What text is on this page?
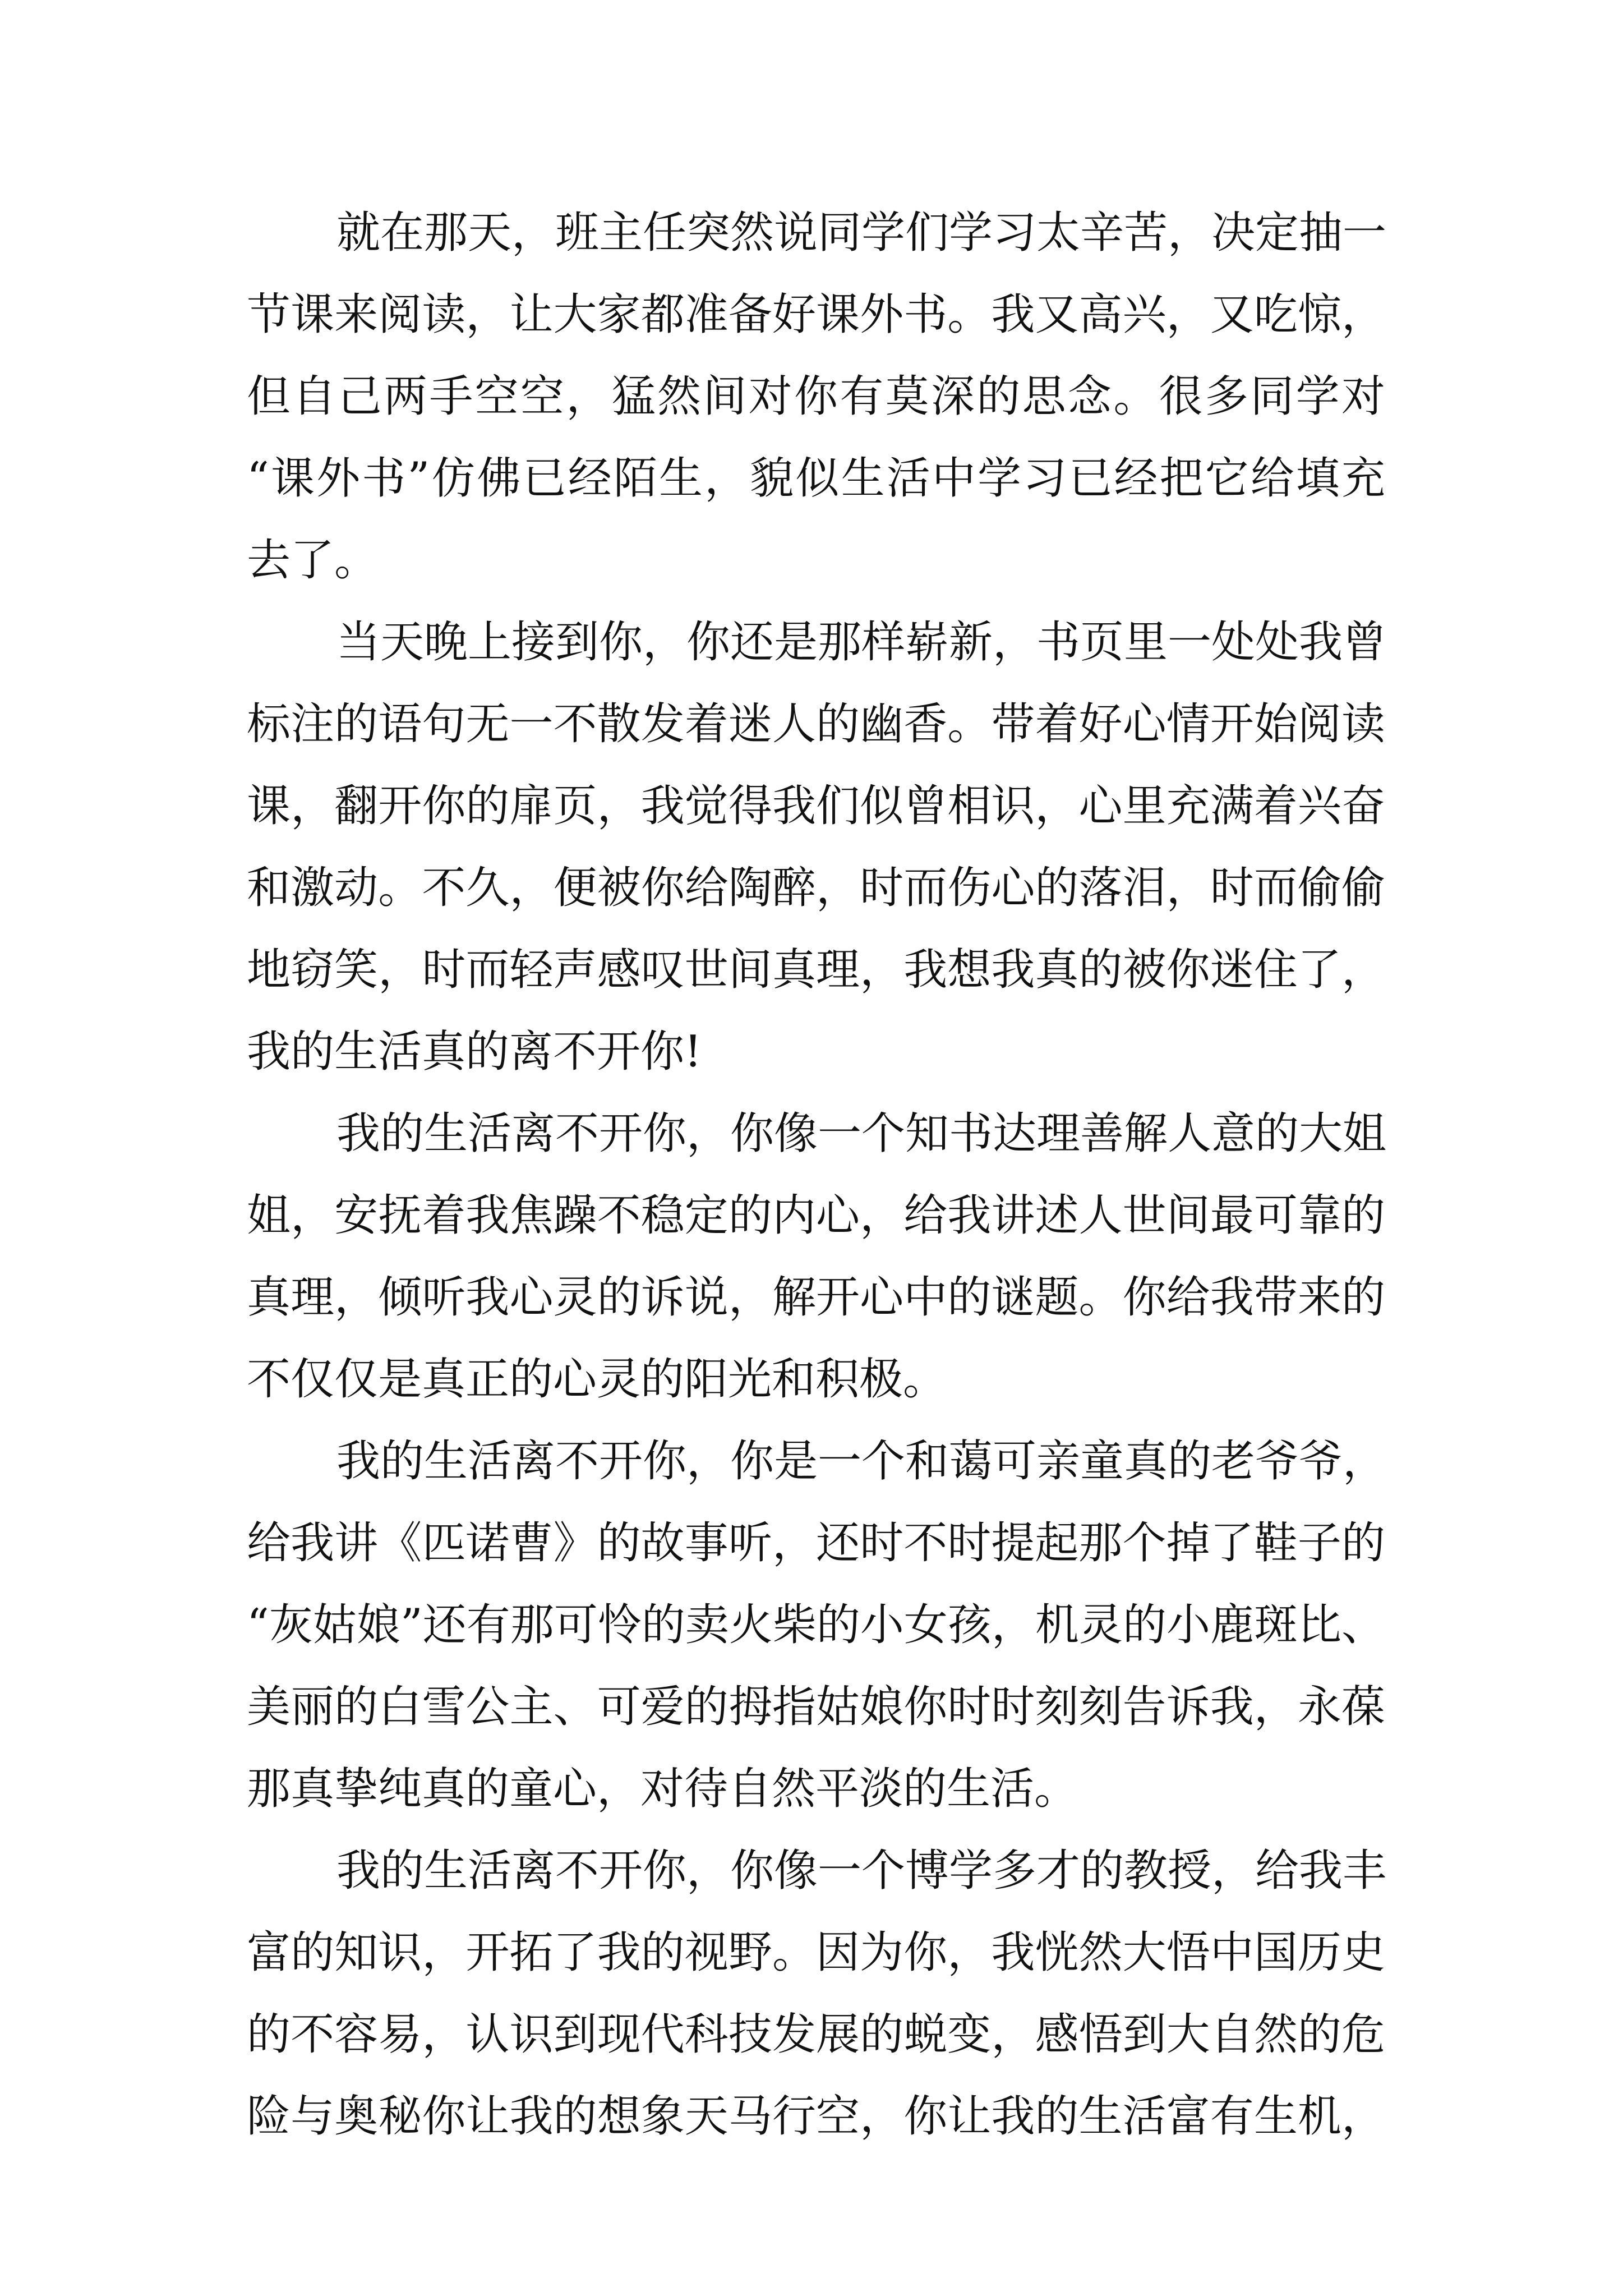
就在那天，班主任突然说同学们学习太辛苦，决定抽一
节课来阅读，让大家都准备好课外书。我又高兴，又吃惊，
但自己两手空空，猛然间对你有莫深的思念。很多同学对
“课外书”仿佛已经陌生，貌似生活中学习已经把它给填充
去了。
当天晚上接到你，你还是那样崭新，书页里一处处我曾
标注的语句无一不散发着迷人的幽香。带着好心情开始阅读
课，翻开你的扉页，我觉得我们似曾相识，心里充满着兴奋
和激动。不久，便被你给陶醉，时而伤心的落泪，时而偷偷
地窃笑，时而轻声感叹世间真理，我想我真的被你迷住了，
我的生活真的离不开你!
我的生活离不开你，你像一个知书达理善解人意的大姐
姐，安抚着我焦躁不稳定的内心，给我讲述人世间最可靠的
真理，倾听我心灵的诉说，解开心中的谜题。你给我带来的
不仅仅是真正的心灵的阳光和积极。
我的生活离不开你，你是一个和蔼可亲童真的老爷爷，
给我讲《匹诺曹》的故事听，还时不时提起那个掉了鞋子的
“灰姑娘”还有那可怜的卖火柴的小女孩，机灵的小鹿斑比、
美丽的白雪公主、可爱的拇指姑娘你时时刻刻告诉我，永葆
那真挚纯真的童心，对待自然平淡的生活。
我的生活离不开你，你像一个博学多才的教授，给我丰
富的知识，开拓了我的视野。因为你，我恍然大悟中国历史
的不容易，认识到现代科技发展的蜕变，感悟到大自然的危
险与奥秘你让我的想象天马行空，你让我的生活富有生机，
